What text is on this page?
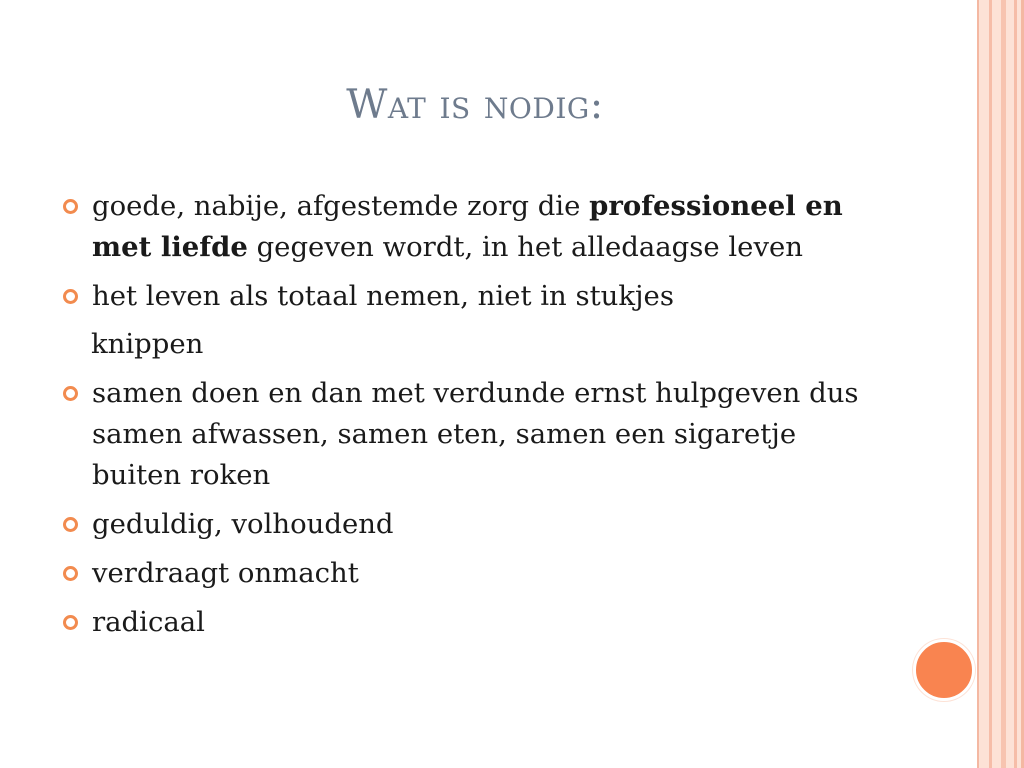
Wat is nodig:
goede, nabije, afgestemde zorg die professioneel en met liefde gegeven wordt, in het alledaagse leven
het leven als totaal nemen, niet in stukjes
knippen
samen doen en dan met verdunde ernst hulpgeven dus samen afwassen, samen eten, samen een sigaretje buiten roken
geduldig, volhoudend
verdraagt onmacht
radicaal
